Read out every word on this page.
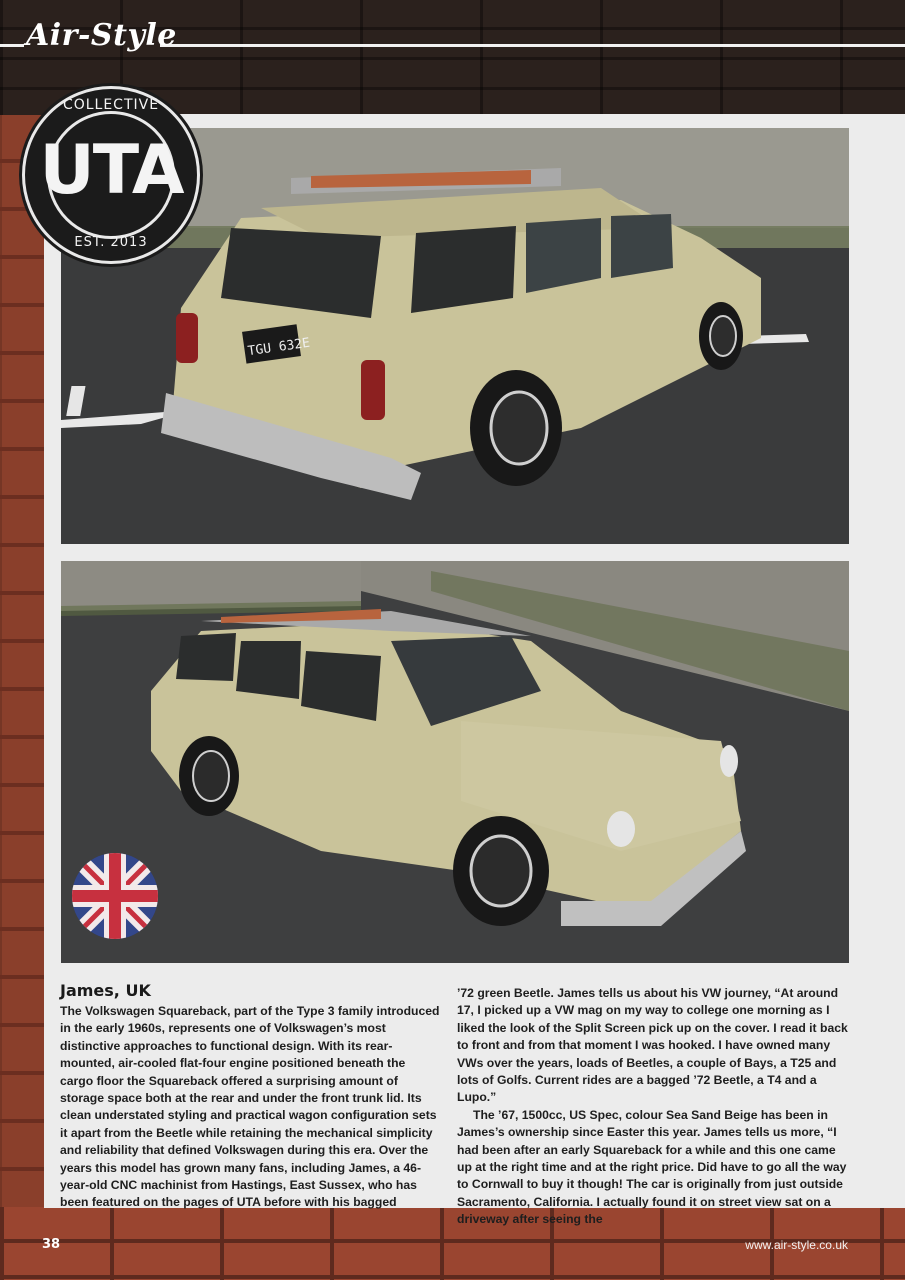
Air-Style
TGU 632E
COLLECTIVE
UTA
EST. 2013
James, UK

The Volkswagen Squareback, part of the Type 3 family introduced in the early 1960s, represents one of Volkswagen’s most distinctive approaches to functional design. With its rear-mounted, air-cooled flat-four engine positioned beneath the cargo floor the Squareback offered a surprising amount of storage space both at the rear and under the front trunk lid. Its clean understated styling and practical wagon configuration sets it apart from the Beetle while retaining the mechanical simplicity and reliability that defined Volkswagen during this era. Over the years this model has grown many fans, including James, a 46-year-old CNC machinist from Hastings, East Sussex, who has been featured on the pages of UTA before with his bagged

’72 green Beetle. James tells us about his VW journey, “At around 17, I picked up a VW mag on my way to college one morning as I liked the look of the Split Screen pick up on the cover. I read it back to front and from that moment I was hooked. I have owned many VWs over the years, loads of Beetles, a couple of Bays, a T25 and lots of Golfs. Current rides are a bagged ’72 Beetle, a T4 and a Lupo.”

The ’67, 1500cc, US Spec, colour Sea Sand Beige has been in James’s ownership since Easter this year. James tells us more, “I had been after an early Squareback for a while and this one came up at the right time and at the right price. Did have to go all the way to Cornwall to buy it though! The car is originally from just outside Sacramento, California. I actually found it on street view sat on a driveway after seeing the

38	www.air-style.co.uk
